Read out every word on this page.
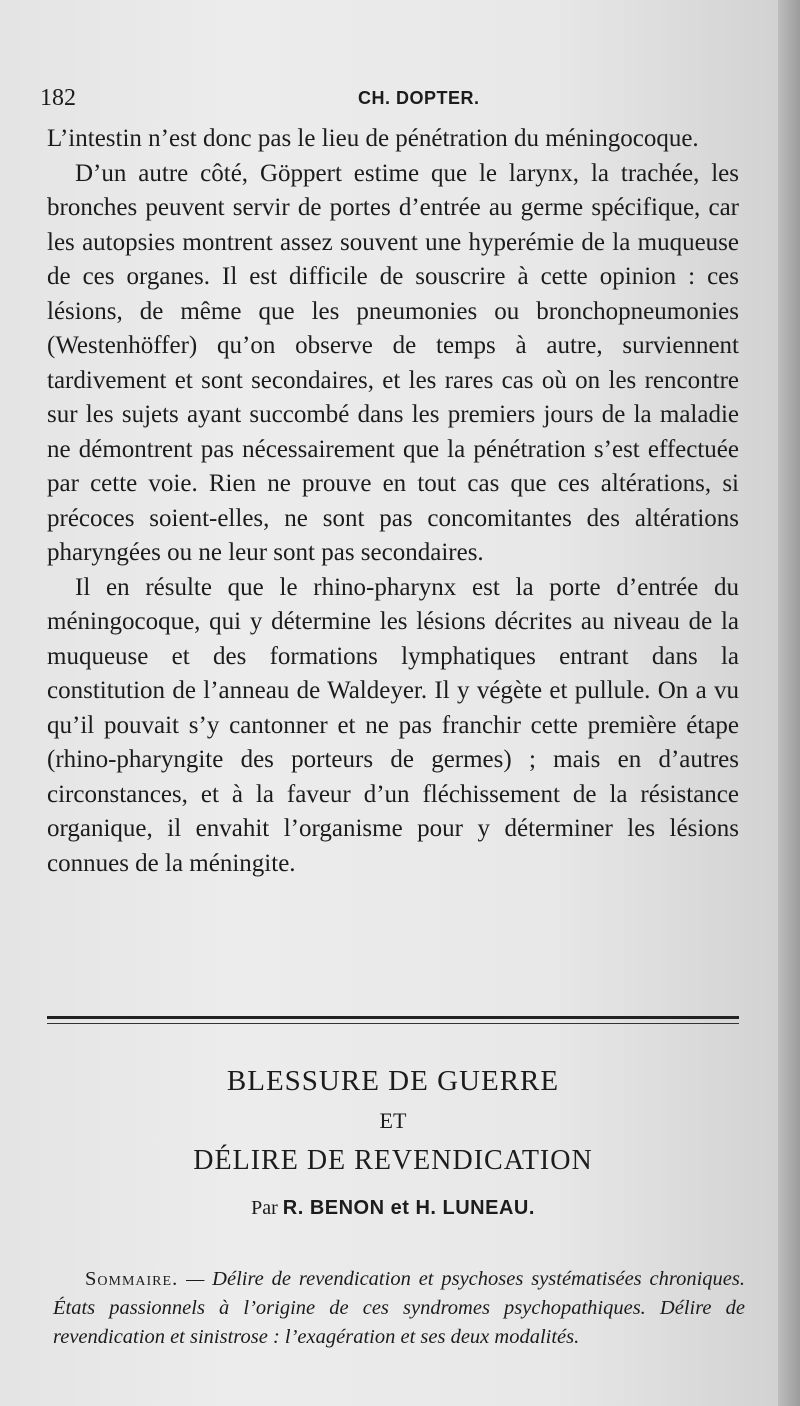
182	CH. DOPTER.

L’intestin n’est donc pas le lieu de pénétration du méningocoque.

D’un autre côté, Göppert estime que le larynx, la trachée, les bronches peuvent servir de portes d’entrée au germe spécifique, car les autopsies montrent assez souvent une hyperémie de la muqueuse de ces organes. Il est difficile de souscrire à cette opinion : ces lésions, de même que les pneumonies ou bronchopneumonies (Westenhöffer) qu’on observe de temps à autre, surviennent tardivement et sont secondaires, et les rares cas où on les rencontre sur les sujets ayant succombé dans les premiers jours de la maladie ne démontrent pas nécessairement que la pénétration s’est effectuée par cette voie. Rien ne prouve en tout cas que ces altérations, si précoces soient-elles, ne sont pas concomitantes des altérations pharyngées ou ne leur sont pas secondaires.

Il en résulte que le rhino-pharynx est la porte d’entrée du méningocoque, qui y détermine les lésions décrites au niveau de la muqueuse et des formations lymphatiques entrant dans la constitution de l’anneau de Waldeyer. Il y végète et pullule. On a vu qu’il pouvait s’y cantonner et ne pas franchir cette première étape (rhino-pharyngite des porteurs de germes) ; mais en d’autres circonstances, et à la faveur d’un fléchissement de la résistance organique, il envahit l’organisme pour y déterminer les lésions connues de la méningite.

BLESSURE DE GUERRE
ET
DÉLIRE DE REVENDICATION
Par R. BENON et H. LUNEAU.

Sommaire. — Délire de revendication et psychoses systématisées chroniques. États passionnels à l’origine de ces syndromes psychopathiques. Délire de revendication et sinistrose : l’exagération et ses deux modalités.
